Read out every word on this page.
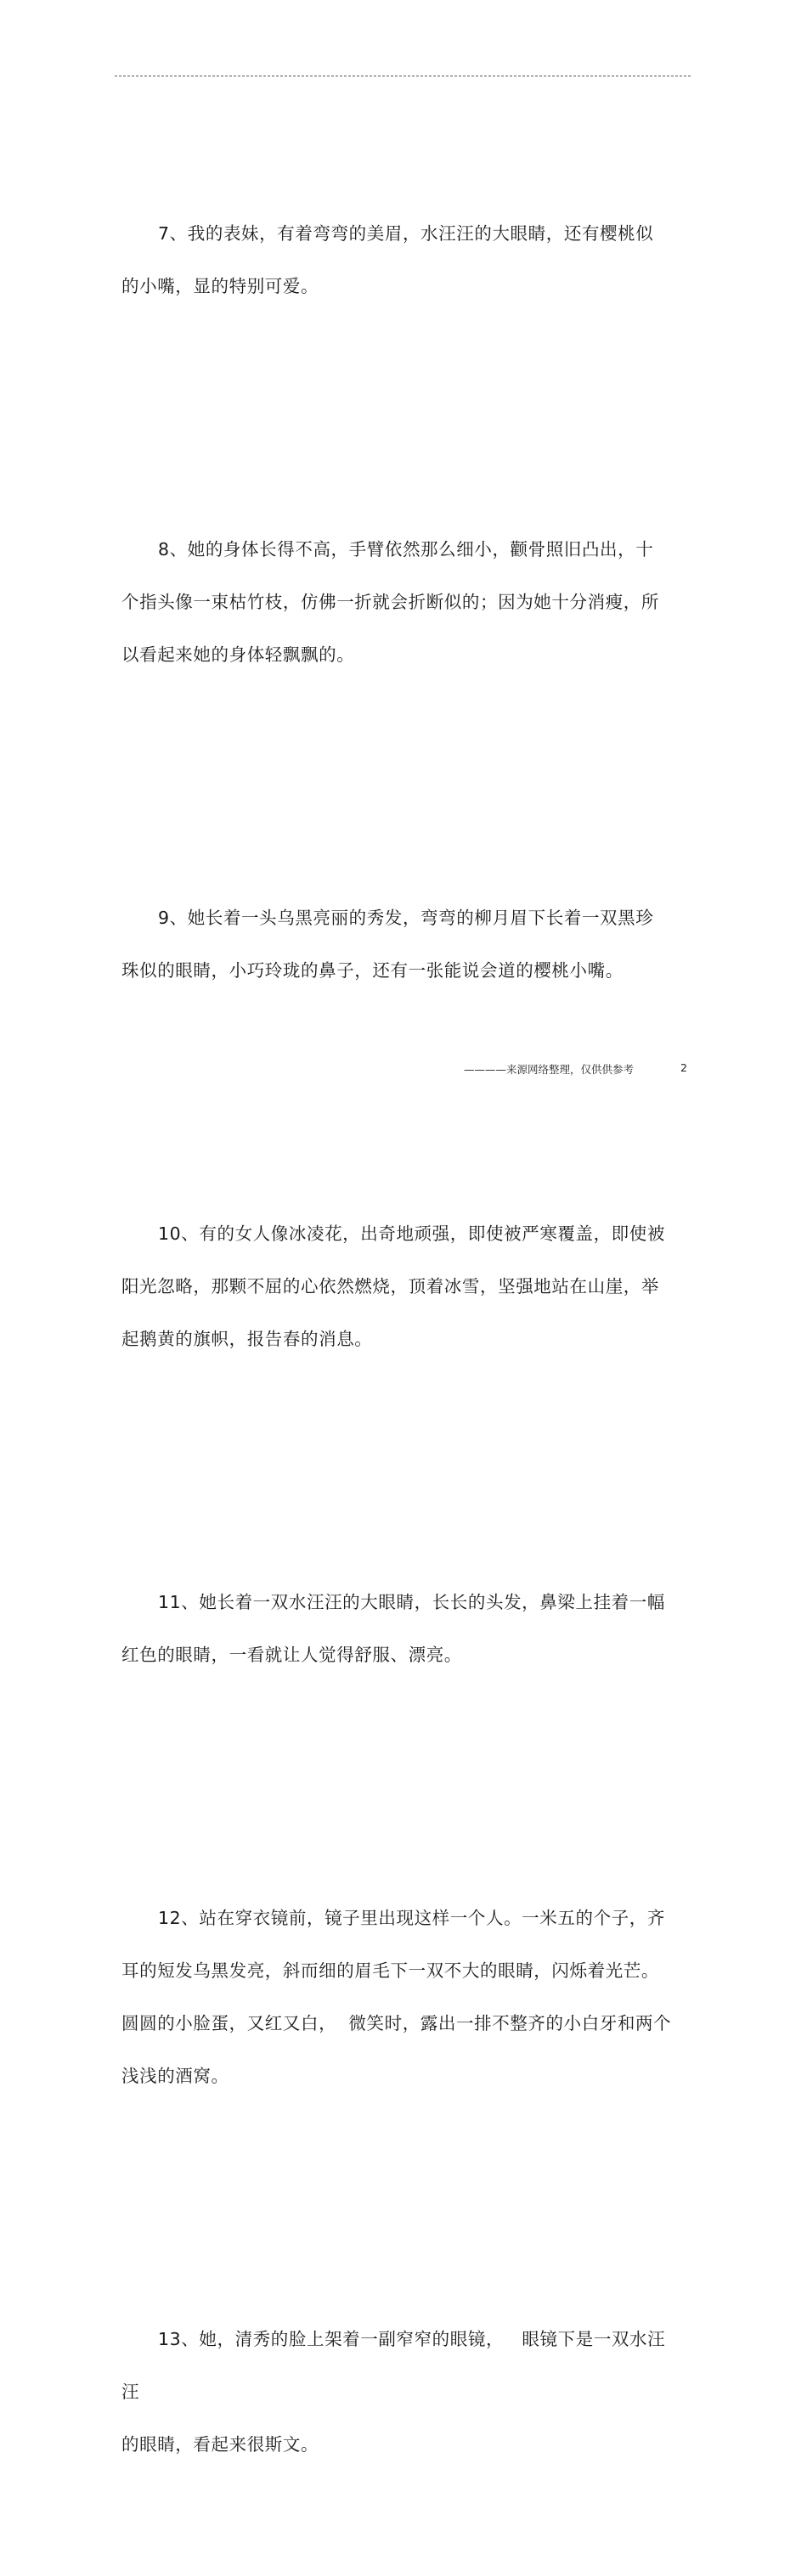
7、我的表妹，有着弯弯的美眉，水汪汪的大眼睛，还有樱桃似
的小嘴，显的特别可爱。

8、她的身体长得不高，手臂依然那么细小，颧骨照旧凸出，十
个指头像一束枯竹枝，仿佛一折就会折断似的；因为她十分消瘦，所
以看起来她的身体轻飘飘的。

9、她长着一头乌黑亮丽的秀发，弯弯的柳月眉下长着一双黑珍
珠似的眼睛，小巧玲珑的鼻子，还有一张能说会道的樱桃小嘴。

10、有的女人像冰凌花，出奇地顽强，即使被严寒覆盖，即使被
阳光忽略，那颗不屈的心依然燃烧，顶着冰雪，坚强地站在山崖，举
起鹅黄的旗帜，报告春的消息。

11、她长着一双水汪汪的大眼睛，长长的头发，鼻梁上挂着一幅
红色的眼睛，一看就让人觉得舒服、漂亮。

12、站在穿衣镜前，镜子里出现这样一个人。一米五的个子，齐
耳的短发乌黑发亮，斜而细的眉毛下一双不大的眼睛，闪烁着光芒。
圆圆的小脸蛋，又红又白，  微笑时，露出一排不整齐的小白牙和两个
浅浅的酒窝。

13、她，清秀的脸上架着一副窄窄的眼镜，   眼镜下是一双水汪汪
的眼睛，看起来很斯文。

————来源网络整理，仅供供参考	2
